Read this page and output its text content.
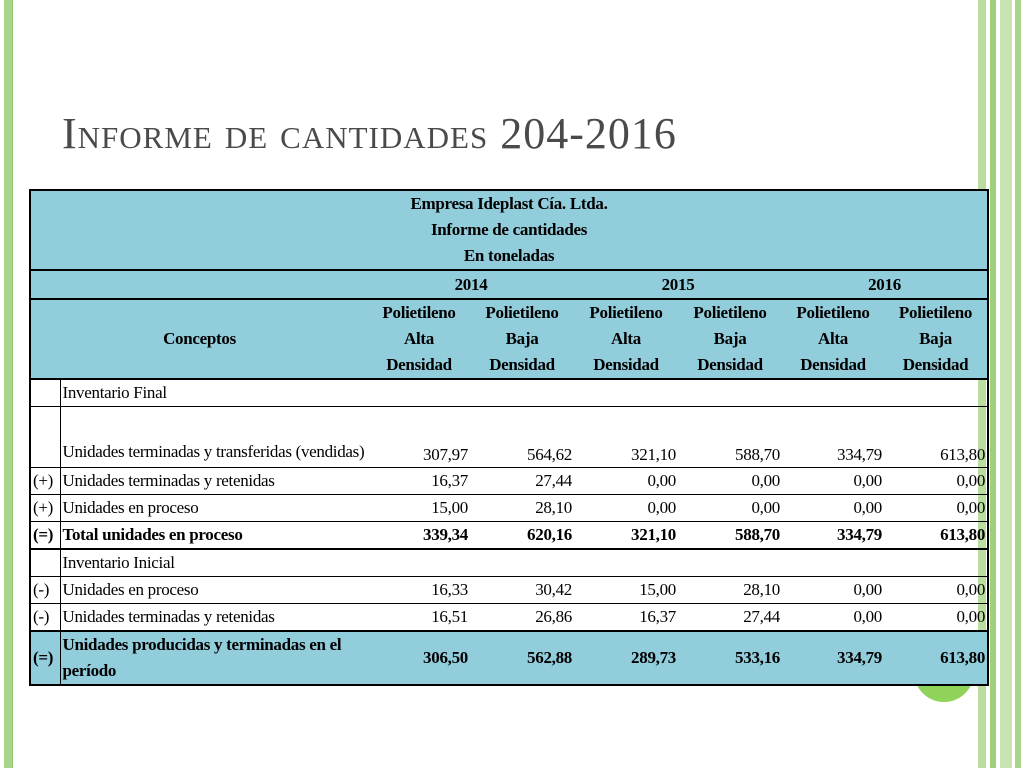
Informe de cantidades 204-2016
Empresa Ideplast Cía. Ltda.							
Informe de cantidades							
En toneladas							
		2014		2015		2016	
Conceptos		Polietileno	Polietileno	Polietileno	Polietileno	Polietileno	Polietileno
		Alta	Baja	Alta	Baja	Alta	Baja
		Densidad	Densidad	Densidad	Densidad	Densidad	Densidad
	Inventario Final						
	Unidades terminadas y transferidas (vendidas)	307,97	564,62	321,10	588,70	334,79	613,80
(+)	Unidades terminadas y retenidas	16,37	27,44	0,00	0,00	0,00	0,00
(+)	Unidades en proceso	15,00	28,10	0,00	0,00	0,00	0,00
(=)	Total unidades en proceso	339,34	620,16	321,10	588,70	334,79	613,80
	Inventario Inicial						
(-)	Unidades en proceso	16,33	30,42	15,00	28,10	0,00	0,00
(-)	Unidades terminadas y retenidas	16,51	26,86	16,37	27,44	0,00	0,00
(=)	Unidades producidas y terminadas en el período	306,50	562,88	289,73	533,16	334,79	613,80
